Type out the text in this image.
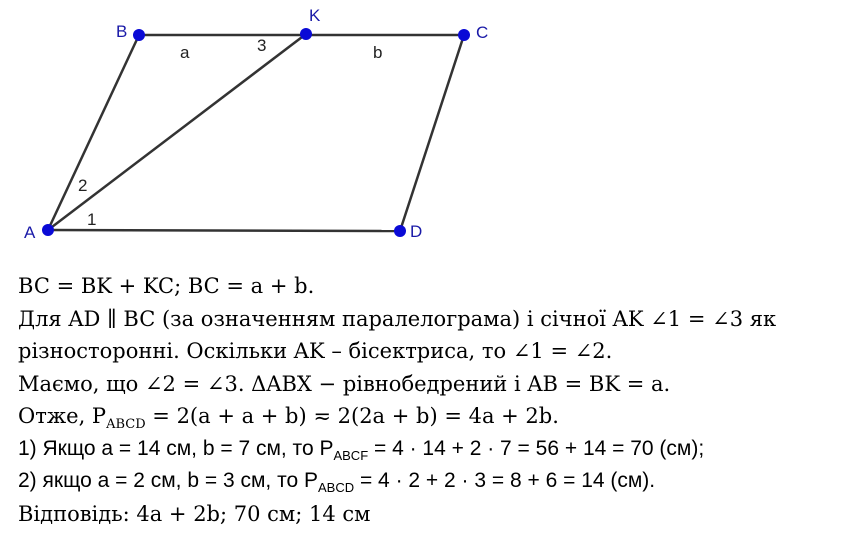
B
K
C
A	D
a	b
3
2
1
BC = BK + KC; BC = a + b.
Для AD ∥ BC (за означенням паралелограма) і січної AK ∠1 = ∠3 як
різносторонні. Оскільки AK – бісектриса, то ∠1 = ∠2.
Маємо, що ∠2 = ∠3. ΔABX − рівнобедрений і AB = BK = a.
Отже, $P_{ABCD} = 2(a + a + b)$ ≂ 2(2a + b) = 4a + 2b.
1) Якщо a = 14 см, b = 7 см, то $P_{ABCF} = 4 \cdot 14 + 2 \cdot 7 = 56 + 14 = 70$ (см);
2) якщо a = 2 см, b = 3 см, то $P_{ABCD} = 4 \cdot 2 + 2 \cdot 3 = 8 + 6 = 14$ (см).
Відповідь: 4a + 2b; 70 см; 14 см
